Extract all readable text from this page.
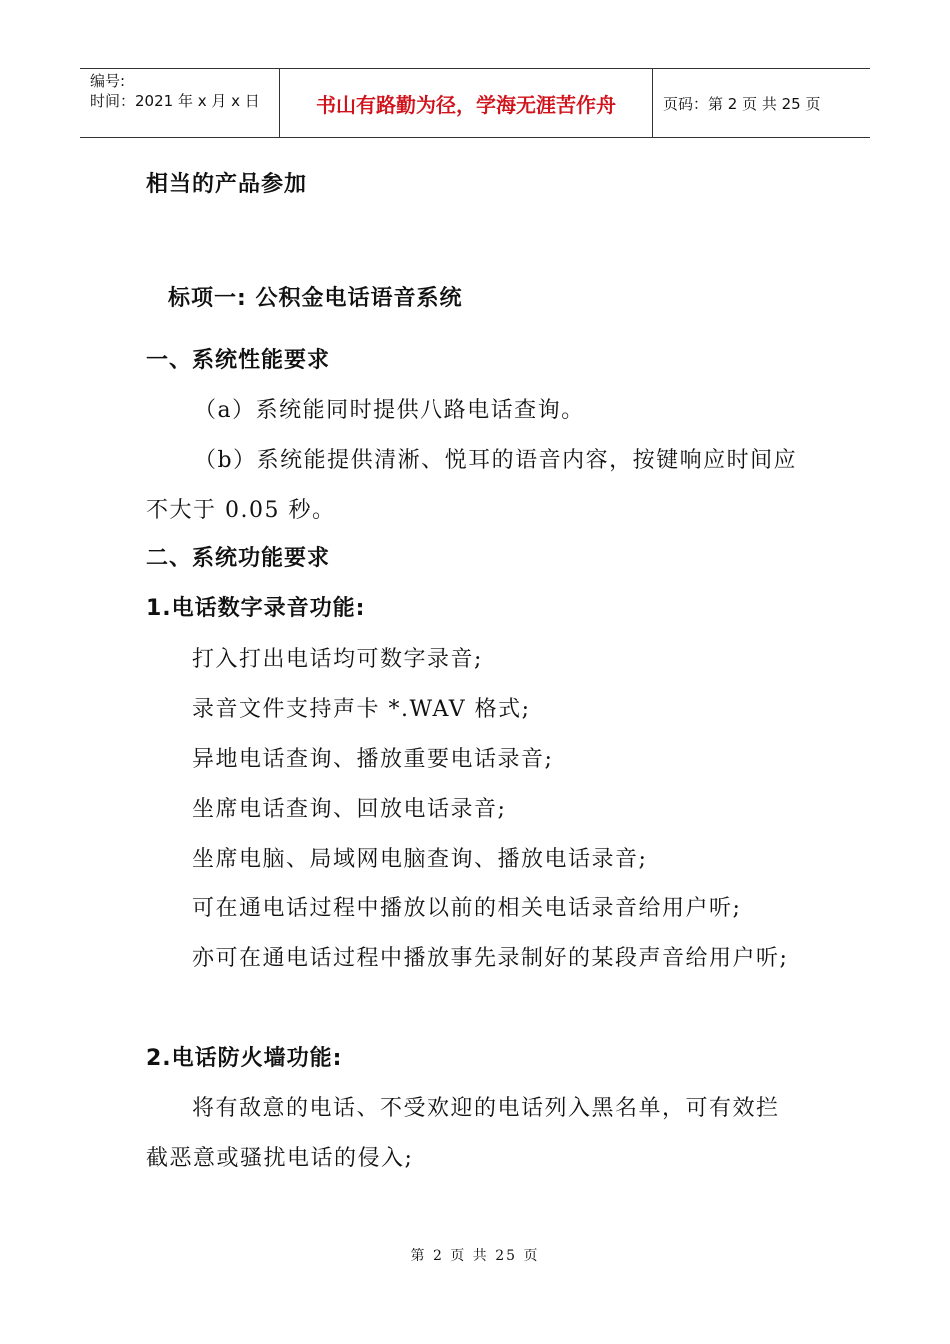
编号:
时间：2021 年 x 月 x 日	书山有路勤为径，学海无涯苦作舟	页码：第 2 页 共 25 页
相当的产品参加
标项一: 公积金电话语音系统
一、系统性能要求
（a）系统能同时提供八路电话查询。
（b）系统能提供清淅、悦耳的语音内容，按键响应时间应
不大于 0.05 秒。
二、系统功能要求
1.电话数字录音功能:
打入打出电话均可数字录音;
录音文件支持声卡 *.WAV 格式;
异地电话查询、播放重要电话录音;
坐席电话查询、回放电话录音;
坐席电脑、局域网电脑查询、播放电话录音;
可在通电话过程中播放以前的相关电话录音给用户听;
亦可在通电话过程中播放事先录制好的某段声音给用户听;
2.电话防火墙功能:
将有敌意的电话、不受欢迎的电话列入黑名单，可有效拦
截恶意或骚扰电话的侵入;
第 2 页 共 25 页
